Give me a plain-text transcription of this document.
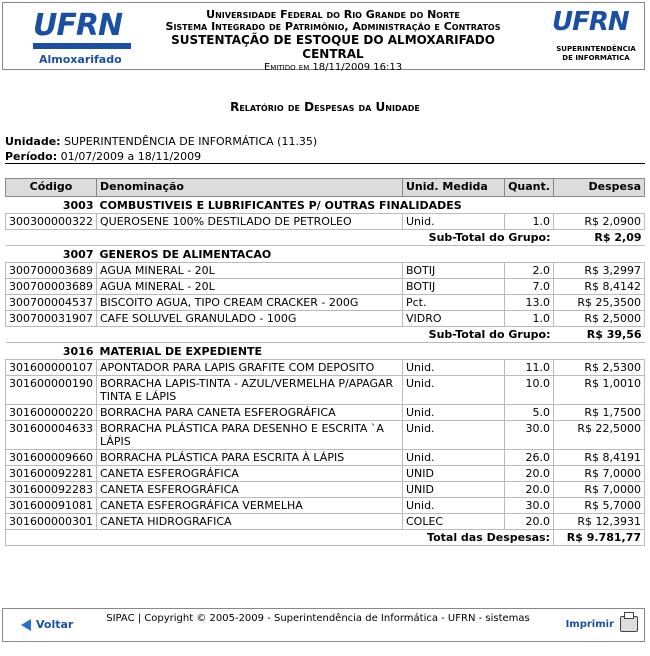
UFRN
Almoxarifado
Universidade Federal do Rio Grande do Norte
Sistema Integrado de Patrimônio, Administração e Contratos
SUSTENTAÇÃO DE ESTOQUE DO ALMOXARIFADO CENTRAL
Emitido em 18/11/2009 16:13
UFRN
SUPERINTENDÊNCIA DE INFORMÁTICA
Relatório de Despesas da Unidade
Unidade: SUPERINTENDÊNCIA DE INFORMÁTICA (11.35)
Período: 01/07/2009 a 18/11/2009
Código	Denominação	Unid. Medida	Quant.	Despesa
3003	COMBUSTIVEIS E LUBRIFICANTES P/ OUTRAS FINALIDADES			
300300000322	QUEROSENE 100% DESTILADO DE PETROLEO	Unid.	1.0	R$ 2,0900
Sub-Total do Grupo:				R$ 2,09
3007	GENEROS DE ALIMENTACAO			
300700003689	AGUA MINERAL - 20L	BOTIJ	2.0	R$ 3,2997
300700003689	AGUA MINERAL - 20L	BOTIJ	7.0	R$ 8,4142
300700004537	BISCOITO AGUA, TIPO CREAM CRACKER - 200G	Pct.	13.0	R$ 25,3500
300700031907	CAFE SOLUVEL GRANULADO - 100G	VIDRO	1.0	R$ 2,5000
Sub-Total do Grupo:				R$ 39,56
3016	MATERIAL DE EXPEDIENTE			
301600000107	APONTADOR PARA LAPIS GRAFITE COM DEPOSITO	Unid.	11.0	R$ 2,5300
301600000190	BORRACHA LAPIS-TINTA - AZUL/VERMELHA P/APAGAR TINTA E LÁPIS	Unid.	10.0	R$ 1,0010
301600000220	BORRACHA PARA CANETA ESFEROGRÁFICA	Unid.	5.0	R$ 1,7500
301600004633	BORRACHA PLÁSTICA PARA DESENHO E ESCRITA `A LÁPIS	Unid.	30.0	R$ 22,5000
301600009660	BORRACHA PLÁSTICA PARA ESCRITA À LÁPIS	Unid.	26.0	R$ 8,4191
301600092281	CANETA ESFEROGRÁFICA	UNID	20.0	R$ 7,0000
301600092283	CANETA ESFEROGRÁFICA	UNID	20.0	R$ 7,0000
301600091081	CANETA ESFEROGRÁFICA VERMELHA	Unid.	30.0	R$ 5,7000
301600000301	CANETA HIDROGRAFICA	COLEC	20.0	R$ 12,3931
Total das Despesas:				R$ 9.781,77
Voltar	SIPAC | Copyright © 2005-2009 - Superintendência de Informática - UFRN - sistemas	Imprimir
